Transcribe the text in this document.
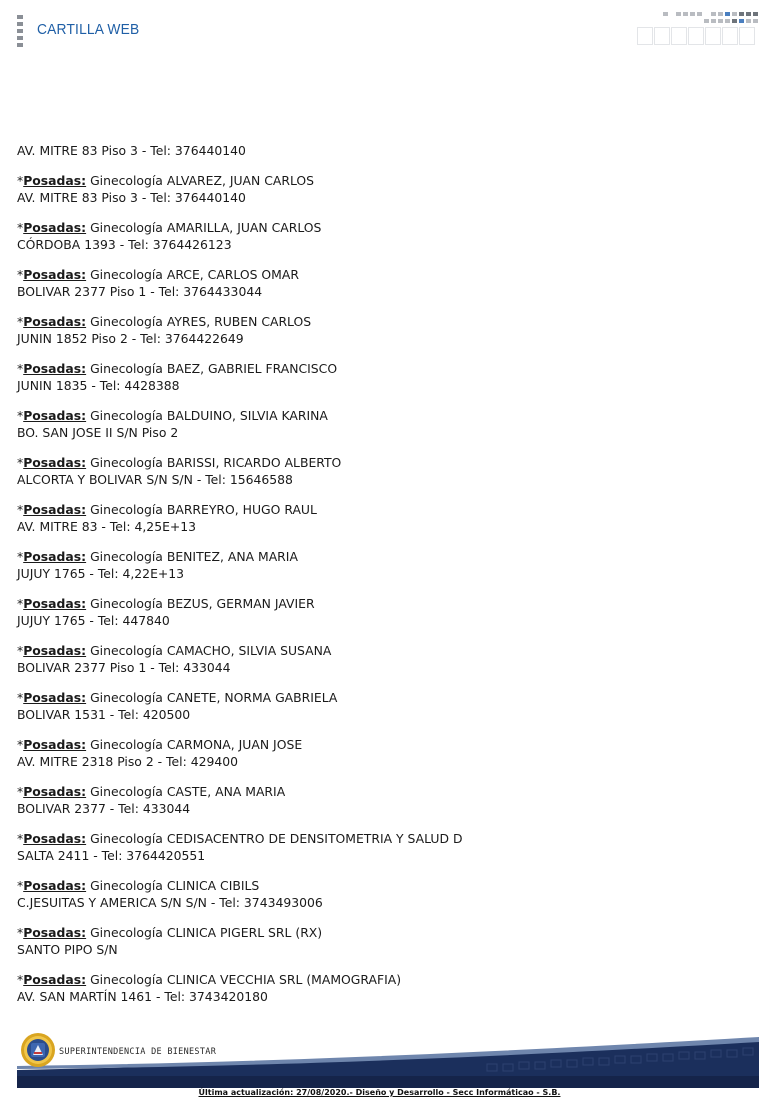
CARTILLA WEB
AV. MITRE 83 Piso 3 - Tel: 376440140
*Posadas: Ginecología ALVAREZ, JUAN CARLOS
AV. MITRE 83 Piso 3 - Tel: 376440140
*Posadas: Ginecología AMARILLA, JUAN CARLOS
CÓRDOBA 1393 - Tel: 3764426123
*Posadas: Ginecología ARCE, CARLOS OMAR
BOLIVAR 2377 Piso 1 - Tel: 3764433044
*Posadas: Ginecología AYRES, RUBEN CARLOS
JUNIN 1852 Piso 2 - Tel: 3764422649
*Posadas: Ginecología BAEZ, GABRIEL FRANCISCO
JUNIN 1835 - Tel: 4428388
*Posadas: Ginecología BALDUINO, SILVIA KARINA
BO. SAN JOSE II S/N Piso 2
*Posadas: Ginecología BARISSI, RICARDO ALBERTO
ALCORTA Y BOLIVAR S/N S/N - Tel: 15646588
*Posadas: Ginecología BARREYRO, HUGO RAUL
AV. MITRE 83 - Tel: 4,25E+13
*Posadas: Ginecología BENITEZ, ANA MARIA
JUJUY 1765 - Tel: 4,22E+13
*Posadas: Ginecología BEZUS, GERMAN JAVIER
JUJUY 1765 - Tel: 447840
*Posadas: Ginecología CAMACHO, SILVIA SUSANA
BOLIVAR 2377 Piso 1 - Tel: 433044
*Posadas: Ginecología CANETE, NORMA GABRIELA
BOLIVAR 1531 - Tel: 420500
*Posadas: Ginecología CARMONA, JUAN JOSE
AV. MITRE 2318 Piso 2 - Tel: 429400
*Posadas: Ginecología CASTE, ANA MARIA
BOLIVAR 2377 - Tel: 433044
*Posadas: Ginecología CEDISACENTRO DE DENSITOMETRIA Y SALUD D
SALTA 2411 - Tel: 3764420551
*Posadas: Ginecología CLINICA CIBILS
C.JESUITAS Y AMERICA S/N S/N - Tel: 3743493006
*Posadas: Ginecología CLINICA PIGERL SRL (RX)
SANTO PIPO S/N
*Posadas: Ginecología CLINICA VECCHIA SRL (MAMOGRAFIA)
AV. SAN MARTÍN 1461 - Tel: 3743420180
SUPERINTENDENCIA DE BIENESTAR
Última actualización: 27/08/2020.- Diseño y Desarrollo - Secc Informáticao - S.B.
